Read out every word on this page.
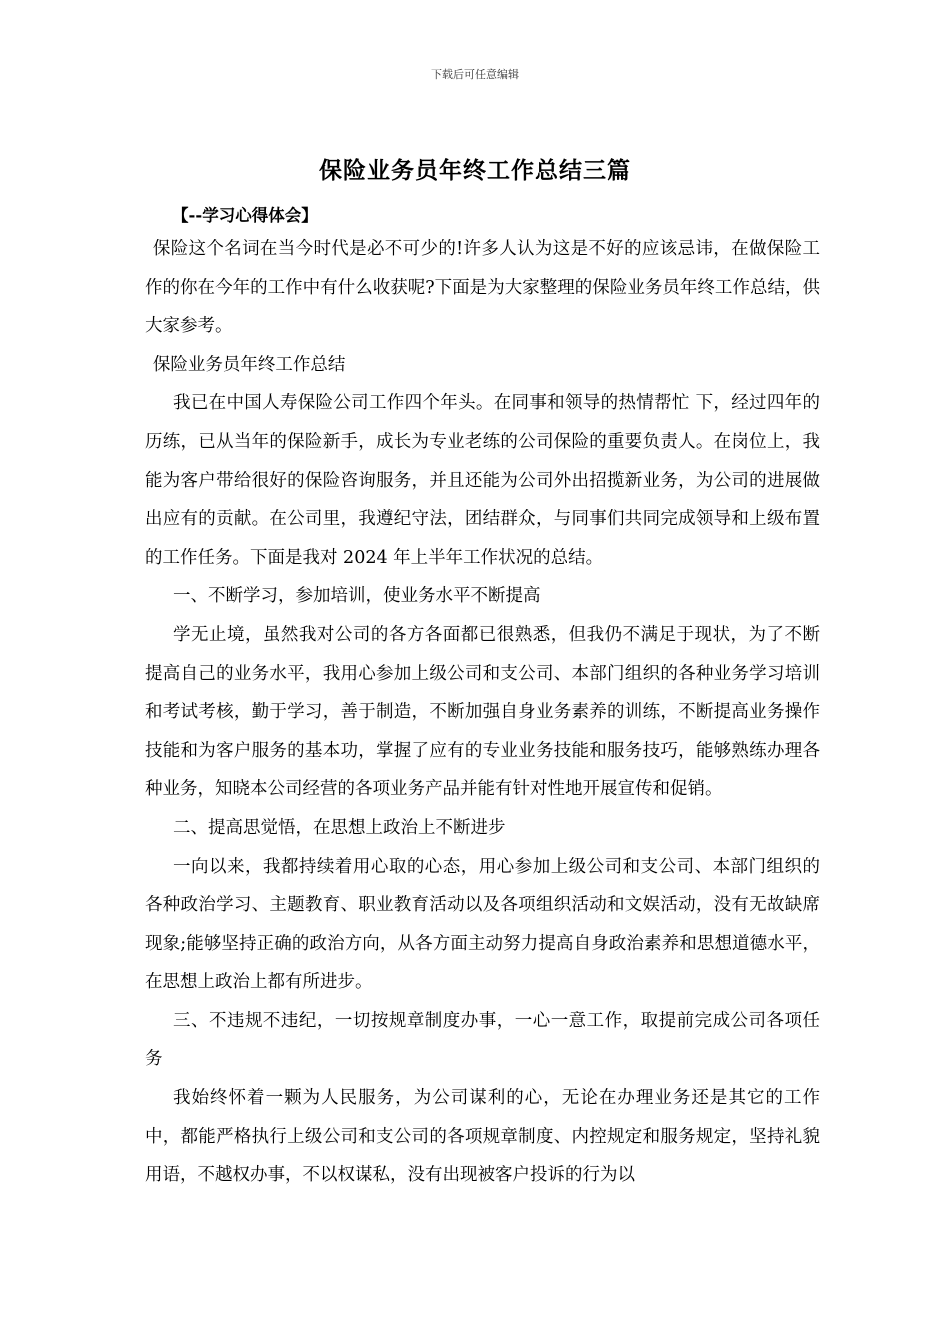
下载后可任意编辑
保险业务员年终工作总结三篇
【--学习心得体会】

保险这个名词在当今时代是必不可少的!许多人认为这是不好的应该忌讳，在做保险工作的你在今年的工作中有什么收获呢?下面是为大家整理的保险业务员年终工作总结，供大家参考。

保险业务员年终工作总结

我已在中国人寿保险公司工作四个年头。在同事和领导的热情帮忙 下，经过四年的历练，已从当年的保险新手，成长为专业老练的公司保险的重要负责人。在岗位上，我能为客户带给很好的保险咨询服务，并且还能为公司外出招揽新业务，为公司的进展做出应有的贡献。在公司里，我遵纪守法，团结群众，与同事们共同完成领导和上级布置的工作任务。下面是我对 2024 年上半年工作状况的总结。

一、不断学习，参加培训，使业务水平不断提高

学无止境，虽然我对公司的各方各面都已很熟悉，但我仍不满足于现状，为了不断提高自己的业务水平，我用心参加上级公司和支公司、本部门组织的各种业务学习培训和考试考核，勤于学习，善于制造，不断加强自身业务素养的训练，不断提高业务操作技能和为客户服务的基本功，掌握了应有的专业业务技能和服务技巧，能够熟练办理各种业务，知晓本公司经营的各项业务产品并能有针对性地开展宣传和促销。

二、提高思觉悟，在思想上政治上不断进步

一向以来，我都持续着用心取的心态，用心参加上级公司和支公司、本部门组织的各种政治学习、主题教育、职业教育活动以及各项组织活动和文娱活动，没有无故缺席现象;能够坚持正确的政治方向，从各方面主动努力提高自身政治素养和思想道德水平，在思想上政治上都有所进步。

三、不违规不违纪，一切按规章制度办事，一心一意工作，取提前完成公司各项任务

我始终怀着一颗为人民服务，为公司谋利的心，无论在办理业务还是其它的工作中，都能严格执行上级公司和支公司的各项规章制度、内控规定和服务规定，坚持礼貌用语，不越权办事，不以权谋私，没有出现被客户投诉的行为以
